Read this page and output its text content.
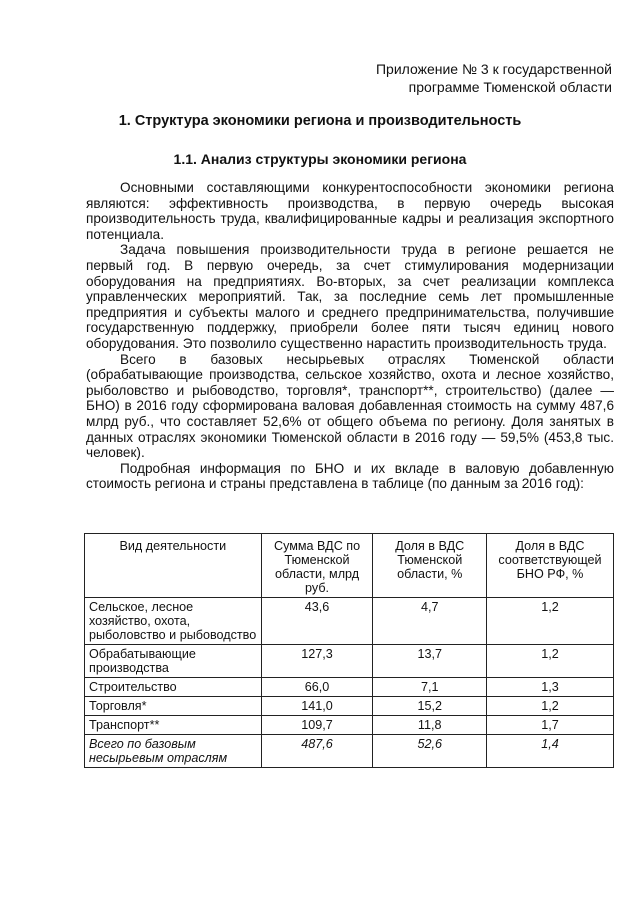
Приложение № 3 к государственной
программе Тюменской области
1. Структура экономики региона и производительность
1.1. Анализ структуры экономики региона

Основными составляющими конкурентоспособности экономики региона являются: эффективность производства, в первую очередь высокая производительность труда, квалифицированные кадры и реализация экспортного потенциала.

Задача повышения производительности труда в регионе решается не первый год. В первую очередь, за счет стимулирования модернизации оборудования на предприятиях. Во-вторых, за счет реализации комплекса управленческих мероприятий. Так, за последние семь лет промышленные предприятия и субъекты малого и среднего предпринимательства, получившие государственную поддержку, приобрели более пяти тысяч единиц нового оборудования. Это позволило существенно нарастить производительность труда.

Всего в базовых несырьевых отраслях Тюменской области (обрабатывающие производства, сельское хозяйство, охота и лесное хозяйство, рыболовство и рыбоводство, торговля*, транспорт**, строительство) (далее — БНО) в 2016 году сформирована валовая добавленная стоимость на сумму 487,6 млрд руб., что составляет 52,6% от общего объема по региону. Доля занятых в данных отраслях экономики Тюменской области в 2016 году — 59,5% (453,8 тыс. человек).

Подробная информация по БНО и их вкладе в валовую добавленную стоимость региона и страны представлена в таблице (по данным за 2016 год):

Вид деятельности	Сумма ВДС по Тюменской области, млрд руб.	Доля в ВДС Тюменской области, %	Доля в ВДС соответствующей БНО РФ, %
Сельское, лесное хозяйство, охота, рыболовство и рыбоводство	43,6	4,7	1,2
Обрабатывающие производства	127,3	13,7	1,2
Строительство	66,0	7,1	1,3
Торговля*	141,0	15,2	1,2
Транспорт**	109,7	11,8	1,7
Всего по базовым несырьевым отраслям	487,6	52,6	1,4
